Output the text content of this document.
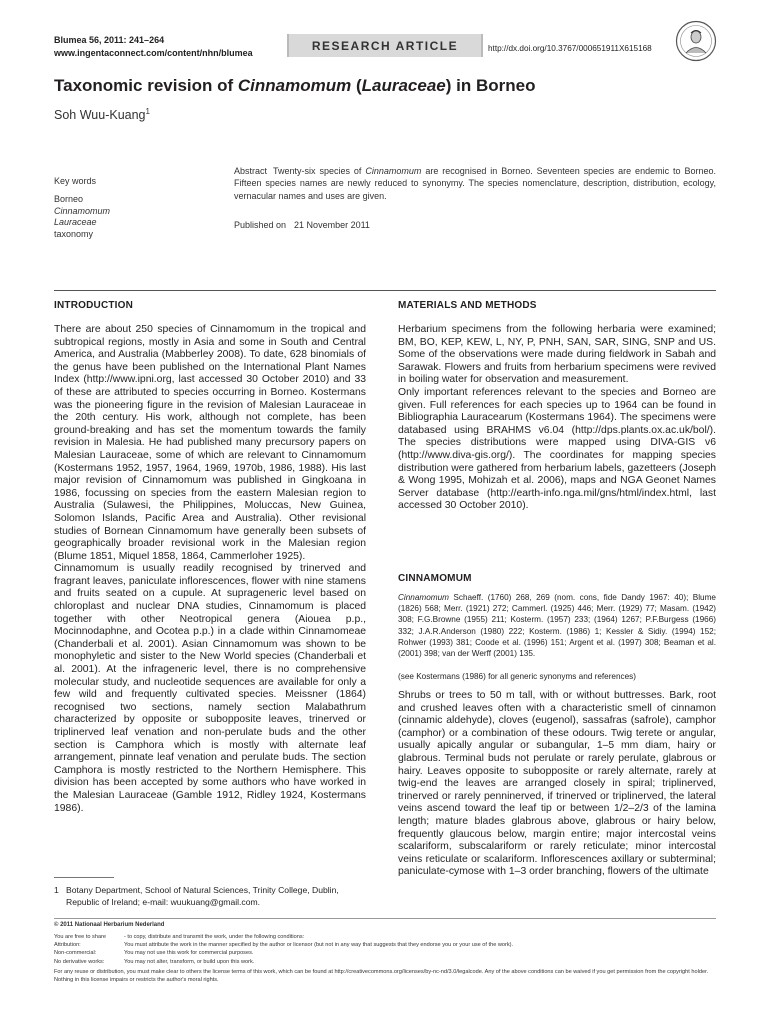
Blumea 56, 2011: 241–264
www.ingentaconnect.com/content/nhn/blumea
RESEARCH ARTICLE	http://dx.doi.org/10.3767/000651911X615168
Taxonomic revision of Cinnamomum (Lauraceae) in Borneo
Soh Wuu-Kuang$^1$
Key words
Borneo
Cinnamomum
Lauraceae
taxonomy
Abstract Twenty-six species of Cinnamomum are recognised in Borneo. Seventeen species are endemic to Borneo. Fifteen species names are newly reduced to synonymy. The species nomenclature, description, distribution, ecology, vernacular names and uses are given.
Published on 21 November 2011
INTRODUCTION

There are about 250 species of Cinnamomum in the tropical and subtropical regions, mostly in Asia and some in South and Central America, and Australia (Mabberley 2008). To date, 628 binomials of the genus have been published on the International Plant Names Index (http://www.ipni.org, last accessed 30 October 2010) and 33 of these are attributed to species occurring in Borneo. Kostermans was the pioneering figure in the revision of Malesian Lauraceae in the 20th century. His work, although not complete, has been ground-breaking and has set the momentum towards the family revision in Malesia. He had published many precursory papers on Malesian Lauraceae, some of which are relevant to Cinnamomum (Kostermans 1952, 1957, 1964, 1969, 1970b, 1986, 1988). His last major revision of Cinnamomum was published in Gingkoana in 1986, focussing on species from the eastern Malesian region to Australia (Sulawesi, the Philippines, Moluccas, New Guinea, Solomon Islands, Pacific Area and Australia). Other revisional studies of Bornean Cinnamomum have generally been subsets of geographically broader revisional work in the Malesian region (Blume 1851, Miquel 1858, 1864, Cammerloher 1925).

Cinnamomum is usually readily recognised by trinerved and fragrant leaves, paniculate inflorescences, flower with nine stamens and fruits seated on a cupule. At suprageneric level based on chloroplast and nuclear DNA studies, Cinnamomum is placed together with other Neotropical genera (Aiouea p.p., Mocinnodaphne, and Ocotea p.p.) in a clade within Cinnamomeae (Chanderbali et al. 2001). Asian Cinnamomum was shown to be monophyletic and sister to the New World species (Chanderbali et al. 2001). At the infrageneric level, there is no comprehensive molecular study, and nucleotide sequences are available for only a few wild and frequently cultivated species. Meissner (1864) recognised two sections, namely section Malabathrum characterized by opposite or subopposite leaves, trinerved or triplinerved leaf venation and non-perulate buds and the other section is Camphora which is mostly with alternate leaf arrangement, pinnate leaf venation and perulate buds. The section Camphora is mostly restricted to the Northern Hemisphere. This division has been accepted by some authors who have worked in the Malesian Lauraceae (Gamble 1912, Ridley 1924, Kostermans 1986).

1 Botany Department, School of Natural Sciences, Trinity College, Dublin, Republic of Ireland; e-mail: wuukuang@gmail.com.
MATERIALS AND METHODS

Herbarium specimens from the following herbaria were examined; BM, BO, KEP, KEW, L, NY, P, PNH, SAN, SAR, SING, SNP and US. Some of the observations were made during fieldwork in Sabah and Sarawak. Flowers and fruits from herbarium specimens were revived in boiling water for observation and measurement.

Only important references relevant to the species and Borneo are given. Full references for each species up to 1964 can be found in Bibliographia Lauracearum (Kostermans 1964). The specimens were databased using BRAHMS v6.04 (http://dps.plants.ox.ac.uk/bol/). The species distributions were mapped using DIVA-GIS v6 (http://www.diva-gis.org/). The coordinates for mapping species distribution were gathered from herbarium labels, gazetteers (Joseph & Wong 1995, Mohizah et al. 2006), maps and NGA Geonet Names Server database (http://earth-info.nga.mil/gns/html/index.html, last accessed 30 October 2010).

CINNAMOMUM
Cinnamomum Schaeff. (1760) 268, 269 (nom. cons, fide Dandy 1967: 40); Blume (1826) 568; Merr. (1921) 272; Cammerl. (1925) 446; Merr. (1929) 77; Masam. (1942) 308; F.G.Browne (1955) 211; Kosterm. (1957) 233; (1964) 1267; P.F.Burgess (1966) 332; J.A.R.Anderson (1980) 222; Kosterm. (1986) 1; Kessler & Sidiy. (1994) 152; Rohwer (1993) 381; Coode et al. (1996) 151; Argent et al. (1997) 308; Beaman et al. (2001) 398; van der Werff (2001) 135.
(see Kostermans (1986) for all generic synonyms and references)

Shrubs or trees to 50 m tall, with or without buttresses. Bark, root and crushed leaves often with a characteristic smell of cinnamon (cinnamic aldehyde), cloves (eugenol), sassafras (safrole), camphor (camphor) or a combination of these odours. Twig terete or angular, usually apically angular or subangular, 1–5 mm diam, hairy or glabrous. Terminal buds not perulate or rarely perulate, glabrous or hairy. Leaves opposite to subopposite or rarely alternate, rarely at twig-end the leaves are arranged closely in spiral; triplinerved, trinerved or rarely penninerved, if trinerved or triplinerved, the lateral veins ascend toward the leaf tip or between 1/2–2/3 of the lamina length; mature blades glabrous above, glabrous or hairy below, frequently glaucous below, margin entire; major intercostal veins scalariform, subscalariform or rarely reticulate; minor intercostal veins reticulate or scalariform. Inflorescences axillary or subterminal; paniculate-cymose with 1–3 order branching, flowers of the ultimate

© 2011 Nationaal Herbarium Nederland
You are free to share	- to copy, distribute and transmit the work, under the following conditions:
Attribution:	You must attribute the work in the manner specified by the author or licensor (but not in any way that suggests that they endorse you or your use of the work).
Non-commercial:	You may not use this work for commercial purposes.
No derivative works:	You may not alter, transform, or build upon this work.
For any reuse or distribution, you must make clear to others the license terms of this work, which can be found at http://creativecommons.org/licenses/by-nc-nd/3.0/legalcode. Any of the above conditions can be waived if you get permission from the copyright holder. Nothing in this license impairs or restricts the author's moral rights.
